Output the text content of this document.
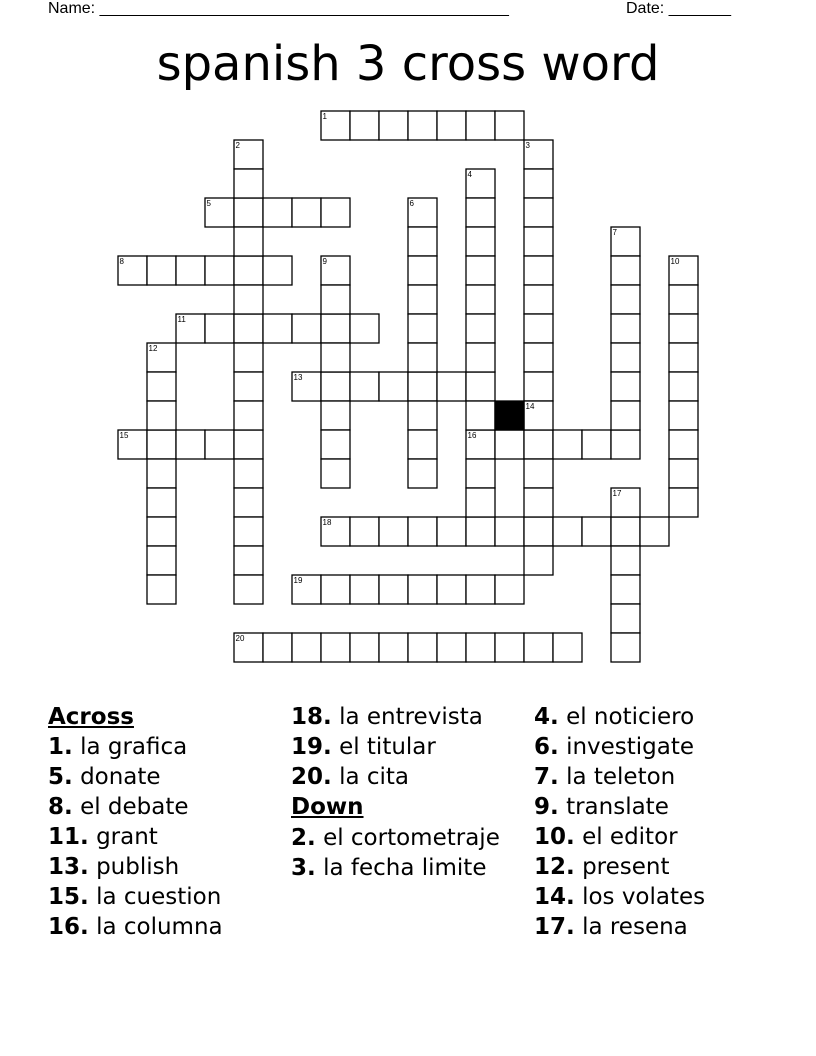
Name: ______________________________________________	Date: _______
spanish 3 cross word
1
5
8
11
13
15	16
18
19
20
2	3
4
6
7
9	10
12
14
17
Across
1. la grafica
5. donate
8. el debate
11. grant
13. publish
15. la cuestion
16. la columna
18. la entrevista
19. el titular
20. la cita
Down
2. el cortometraje
3. la fecha limite
4. el noticiero
6. investigate
7. la teleton
9. translate
10. el editor
12. present
14. los volates
17. la resena
